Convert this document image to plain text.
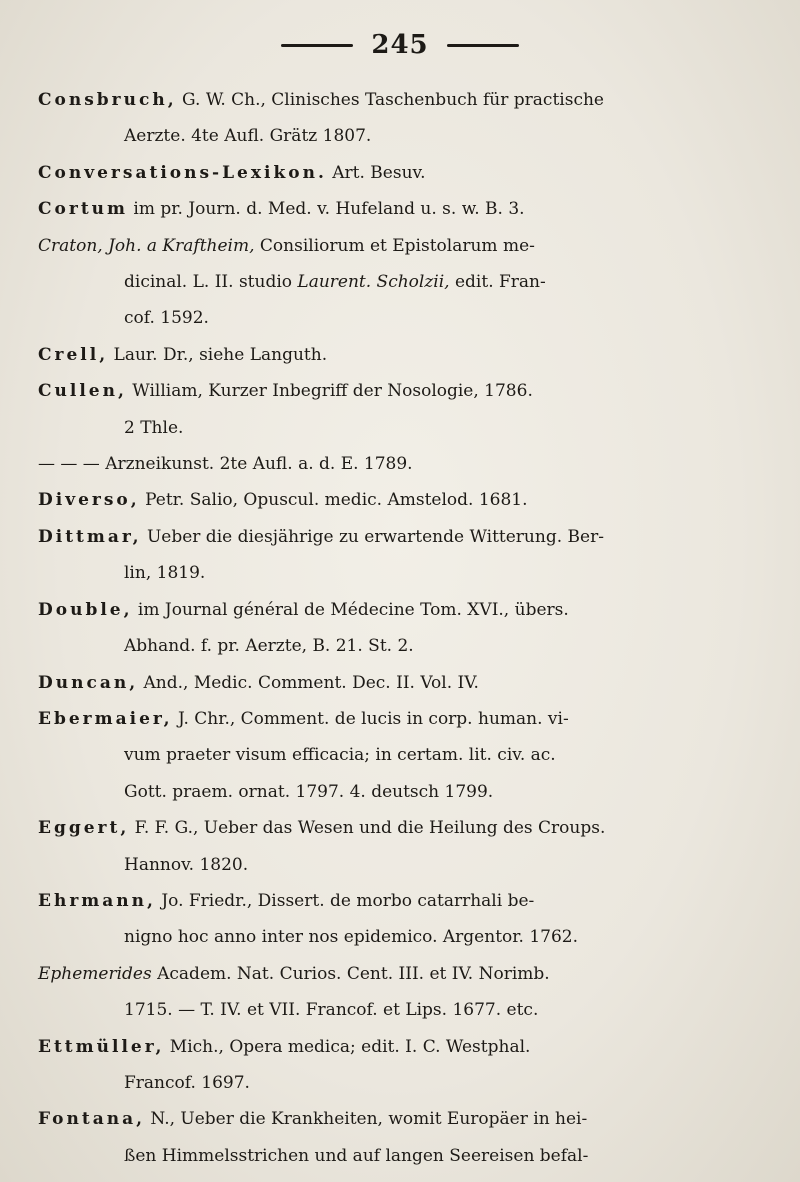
245
Consbruch, G. W. Ch., Clinisches Taschenbuch für practische
Aerzte. 4te Aufl. Grätz 1807.
Conversations-Lexikon. Art. Besuv.
Cortum im pr. Journ. d. Med. v. Hufeland u. s. w. B. 3.
Craton, Joh. a Kraftheim, Consiliorum et Epistolarum me-
dicinal. L. II. studio Laurent. Scholzii, edit. Fran-
cof. 1592.
Crell, Laur. Dr., siehe Languth.
Cullen, William, Kurzer Inbegriff der Nosologie, 1786.
2 Thle.
— — — Arzneikunst. 2te Aufl. a. d. E. 1789.
Diverso, Petr. Salio, Opuscul. medic. Amstelod. 1681.
Dittmar, Ueber die diesjährige zu erwartende Witterung. Ber-
lin, 1819.
Double, im Journal général de Médecine Tom. XVI., übers.
Abhand. f. pr. Aerzte, B. 21. St. 2.
Duncan, And., Medic. Comment. Dec. II. Vol. IV.
Ebermaier, J. Chr., Comment. de lucis in corp. human. vi-
vum praeter visum efficacia; in certam. lit. civ. ac.
Gott. praem. ornat. 1797. 4. deutsch 1799.
Eggert, F. F. G., Ueber das Wesen und die Heilung des Croups.
Hannov. 1820.
Ehrmann, Jo. Friedr., Dissert. de morbo catarrhali be-
nigno hoc anno inter nos epidemico. Argentor. 1762.
Ephemerides Academ. Nat. Curios. Cent. III. et IV. Norimb.
1715. — T. IV. et VII. Francof. et Lips. 1677. etc.
Ettmüller, Mich., Opera medica; edit. I. C. Westphal.
Francof. 1697.
Fontana, N., Ueber die Krankheiten, womit Europäer in hei-
ßen Himmelsstrichen und auf langen Seereisen befal-
